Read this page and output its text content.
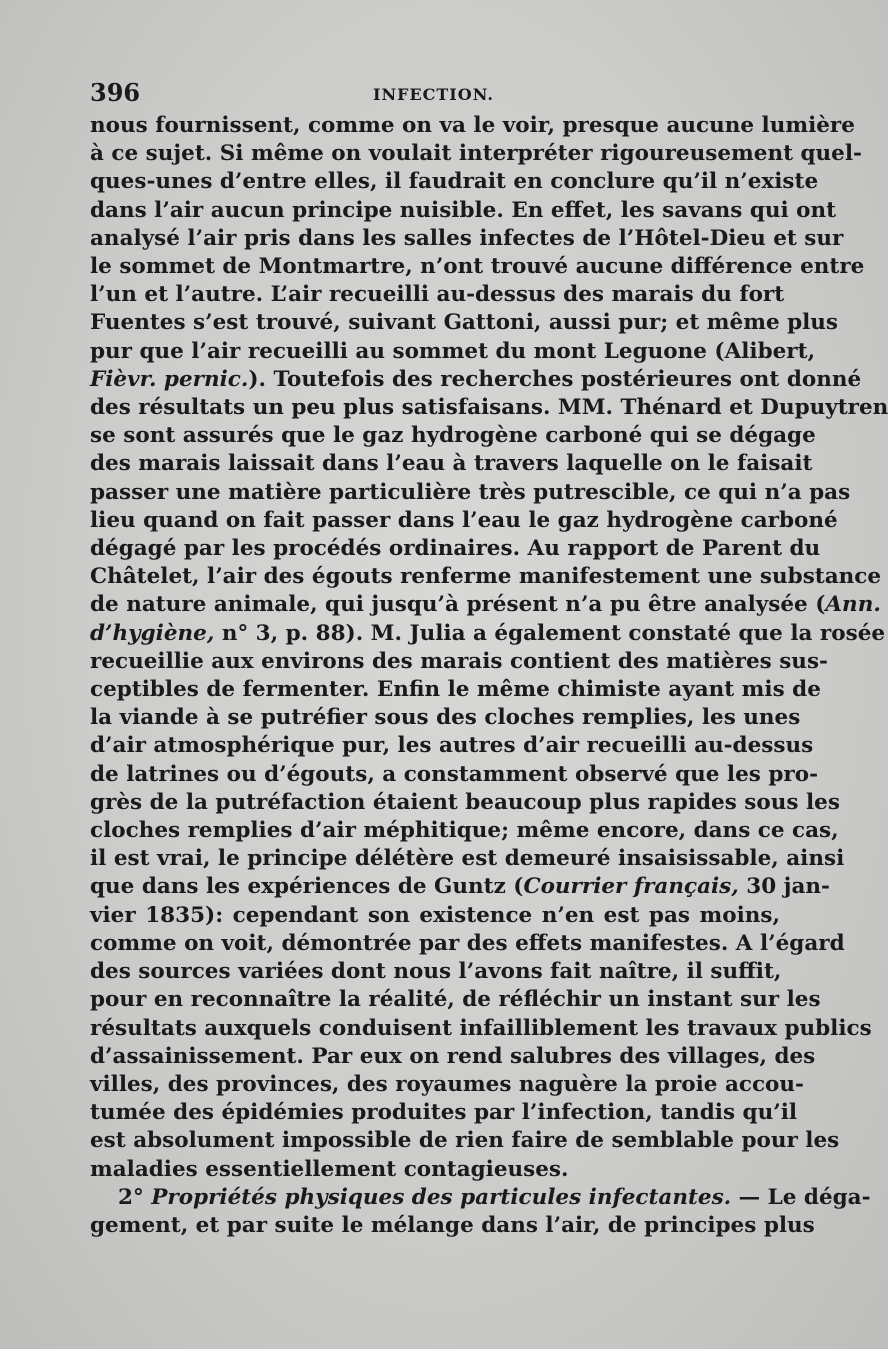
396	INFECTION.
nous fournissent, comme on va le voir, presque aucune lumière
à ce sujet. Si même on voulait interpréter rigoureusement quel-
ques-unes d’entre elles, il faudrait en conclure qu’il n’existe
dans l’air aucun principe nuisible. En effet, les savans qui ont
analysé l’air pris dans les salles infectes de l’Hôtel-Dieu et sur
le sommet de Montmartre, n’ont trouvé aucune différence entre
l’un et l’autre. L’air recueilli au-dessus des marais du fort
Fuentes s’est trouvé, suivant Gattoni, aussi pur; et même plus
pur que l’air recueilli au sommet du mont Leguone (Alibert,
Fièvr. pernic.). Toutefois des recherches postérieures ont donné
des résultats un peu plus satisfaisans. MM. Thénard et Dupuytren
se sont assurés que le gaz hydrogène carboné qui se dégage
des marais laissait dans l’eau à travers laquelle on le faisait
passer une matière particulière très putrescible, ce qui n’a pas
lieu quand on fait passer dans l’eau le gaz hydrogène carboné
dégagé par les procédés ordinaires. Au rapport de Parent du
Châtelet, l’air des égouts renferme manifestement une substance
de nature animale, qui jusqu’à présent n’a pu être analysée (Ann.
d’hygiène, n° 3, p. 88). M. Julia a également constaté que la rosée
recueillie aux environs des marais contient des matières sus-
ceptibles de fermenter. Enfin le même chimiste ayant mis de
la viande à se putréfier sous des cloches remplies, les unes
d’air atmosphérique pur, les autres d’air recueilli au-dessus
de latrines ou d’égouts, a constamment observé que les pro-
grès de la putréfaction étaient beaucoup plus rapides sous les
cloches remplies d’air méphitique; même encore, dans ce cas,
il est vrai, le principe délétère est demeuré insaisissable, ainsi
que dans les expériences de Guntz (Courrier français, 30 jan-
vier 1835): cependant son existence n’en est pas moins,
comme on voit, démontrée par des effets manifestes. A l’égard
des sources variées dont nous l’avons fait naître, il suffit,
pour en reconnaître la réalité, de réfléchir un instant sur les
résultats auxquels conduisent infailliblement les travaux publics
d’assainissement. Par eux on rend salubres des villages, des
villes, des provinces, des royaumes naguère la proie accou-
tumée des épidémies produites par l’infection, tandis qu’il
est absolument impossible de rien faire de semblable pour les
maladies essentiellement contagieuses.
2° Propriétés physiques des particules infectantes. — Le déga-
gement, et par suite le mélange dans l’air, de principes plus
